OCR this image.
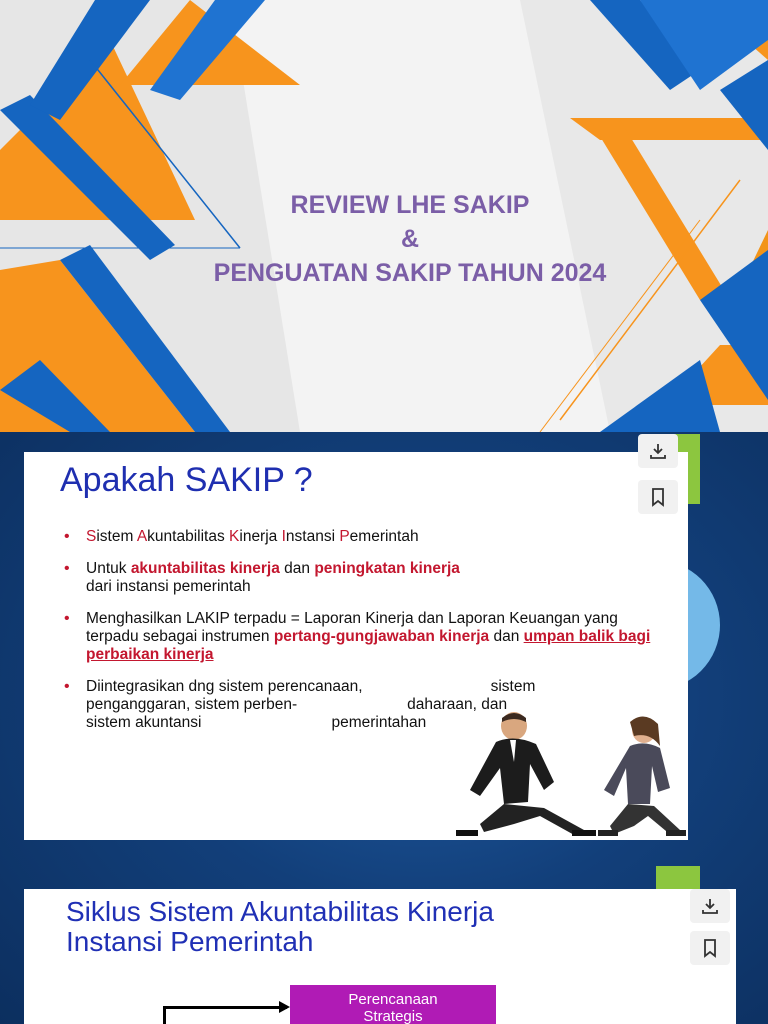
REVIEW LHE SAKIP
&
PENGUATAN SAKIP TAHUN 2024
Apakah SAKIP ?
• Sistem Akuntabilitas Kinerja Instansi Pemerintah
• Untuk akuntabilitas kinerja dan peningkatan kinerja
dari instansi pemerintah
• Menghasilkan LAKIP terpadu = Laporan Kinerja dan Laporan Keuangan yang terpadu sebagai instrumen pertang-gungjawaban kinerja dan umpan balik bagi perbaikan kinerja
• Diintegrasikan dng sistem perencanaan,	sistem
penganggaran, sistem perben-	daharaan, dan
sistem akuntansi	pemerintahan
Siklus Sistem Akuntabilitas Kinerja
Instansi Pemerintah
Perencanaan
Strategis
